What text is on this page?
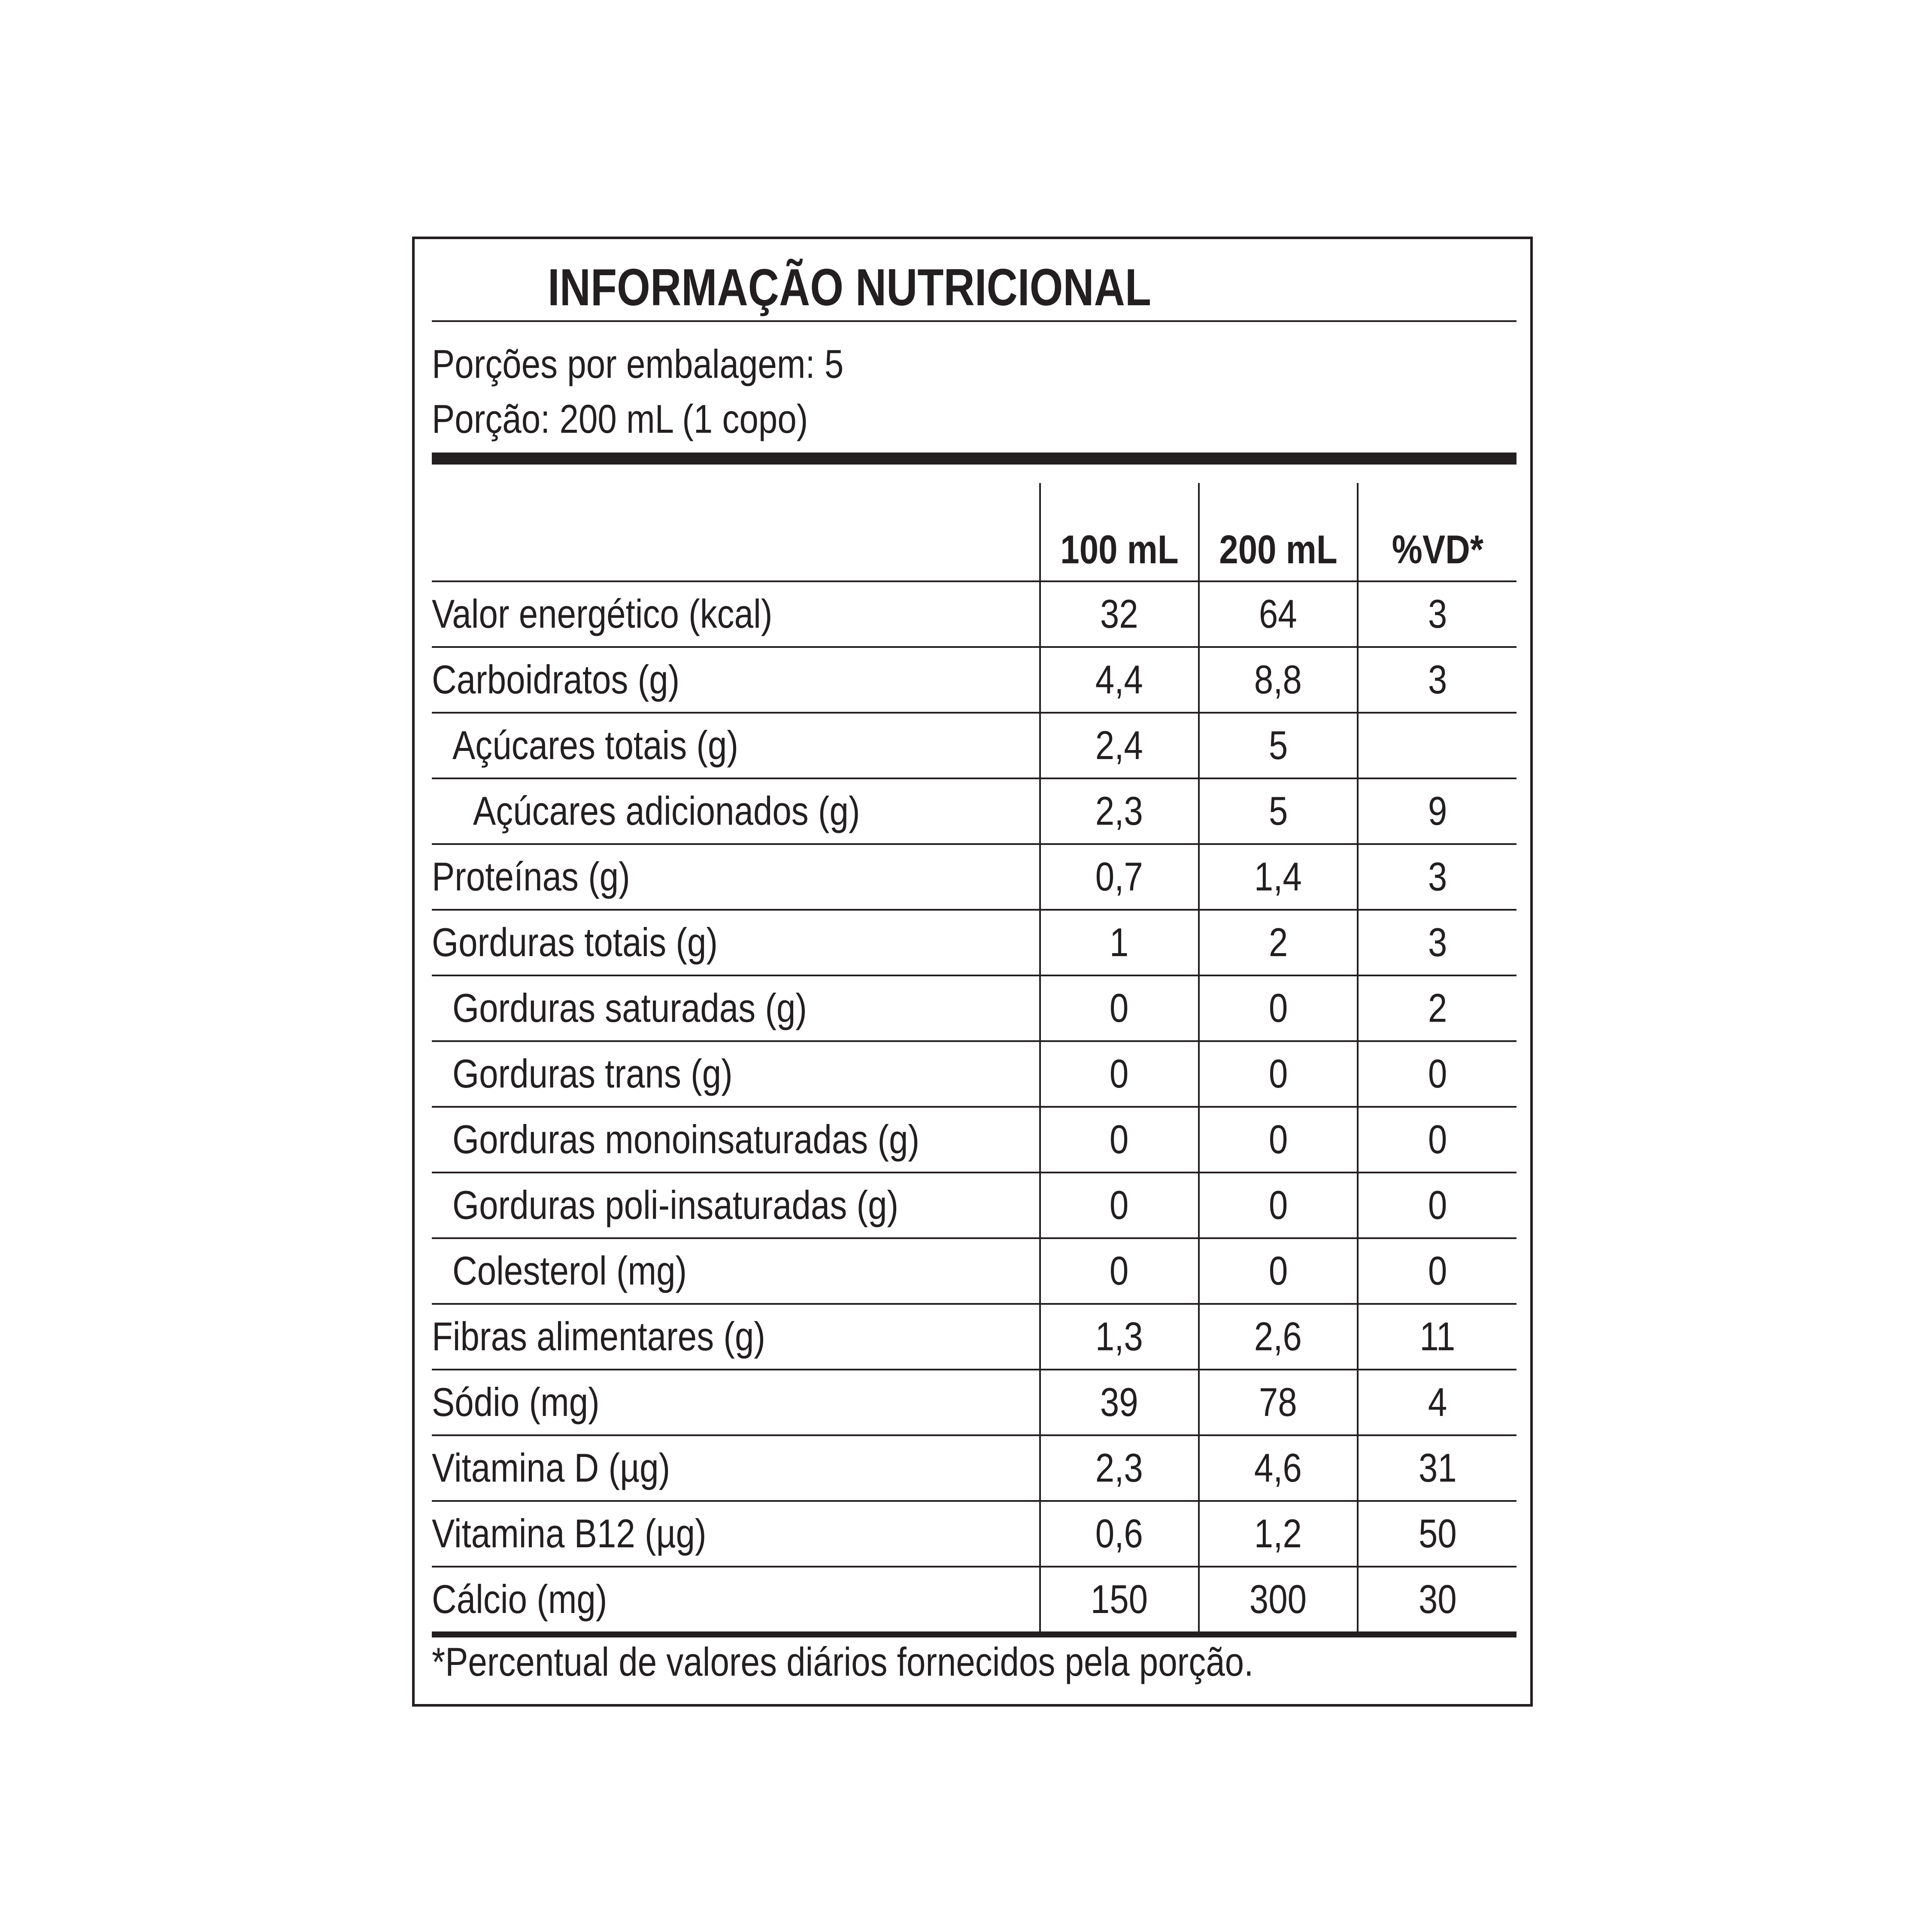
INFORMAÇÃO NUTRICIONAL
Porções por embalagem: 5
Porção: 200 mL (1 copo)
	100 mL	200 mL	%VD*
Valor energético (kcal)	32	64	3
Carboidratos (g)	4,4	8,8	3
Açúcares totais (g)	2,4	5	
Açúcares adicionados (g)	2,3	5	9
Proteínas (g)	0,7	1,4	3
Gorduras totais (g)	1	2	3
Gorduras saturadas (g)	0	0	2
Gorduras trans (g)	0	0	0
Gorduras monoinsaturadas (g)	0	0	0
Gorduras poli-insaturadas (g)	0	0	0
Colesterol (mg)	0	0	0
Fibras alimentares (g)	1,3	2,6	11
Sódio (mg)	39	78	4
Vitamina D (µg)	2,3	4,6	31
Vitamina B12 (µg)	0,6	1,2	50
Cálcio (mg)	150	300	30
*Percentual de valores diários fornecidos pela porção.
